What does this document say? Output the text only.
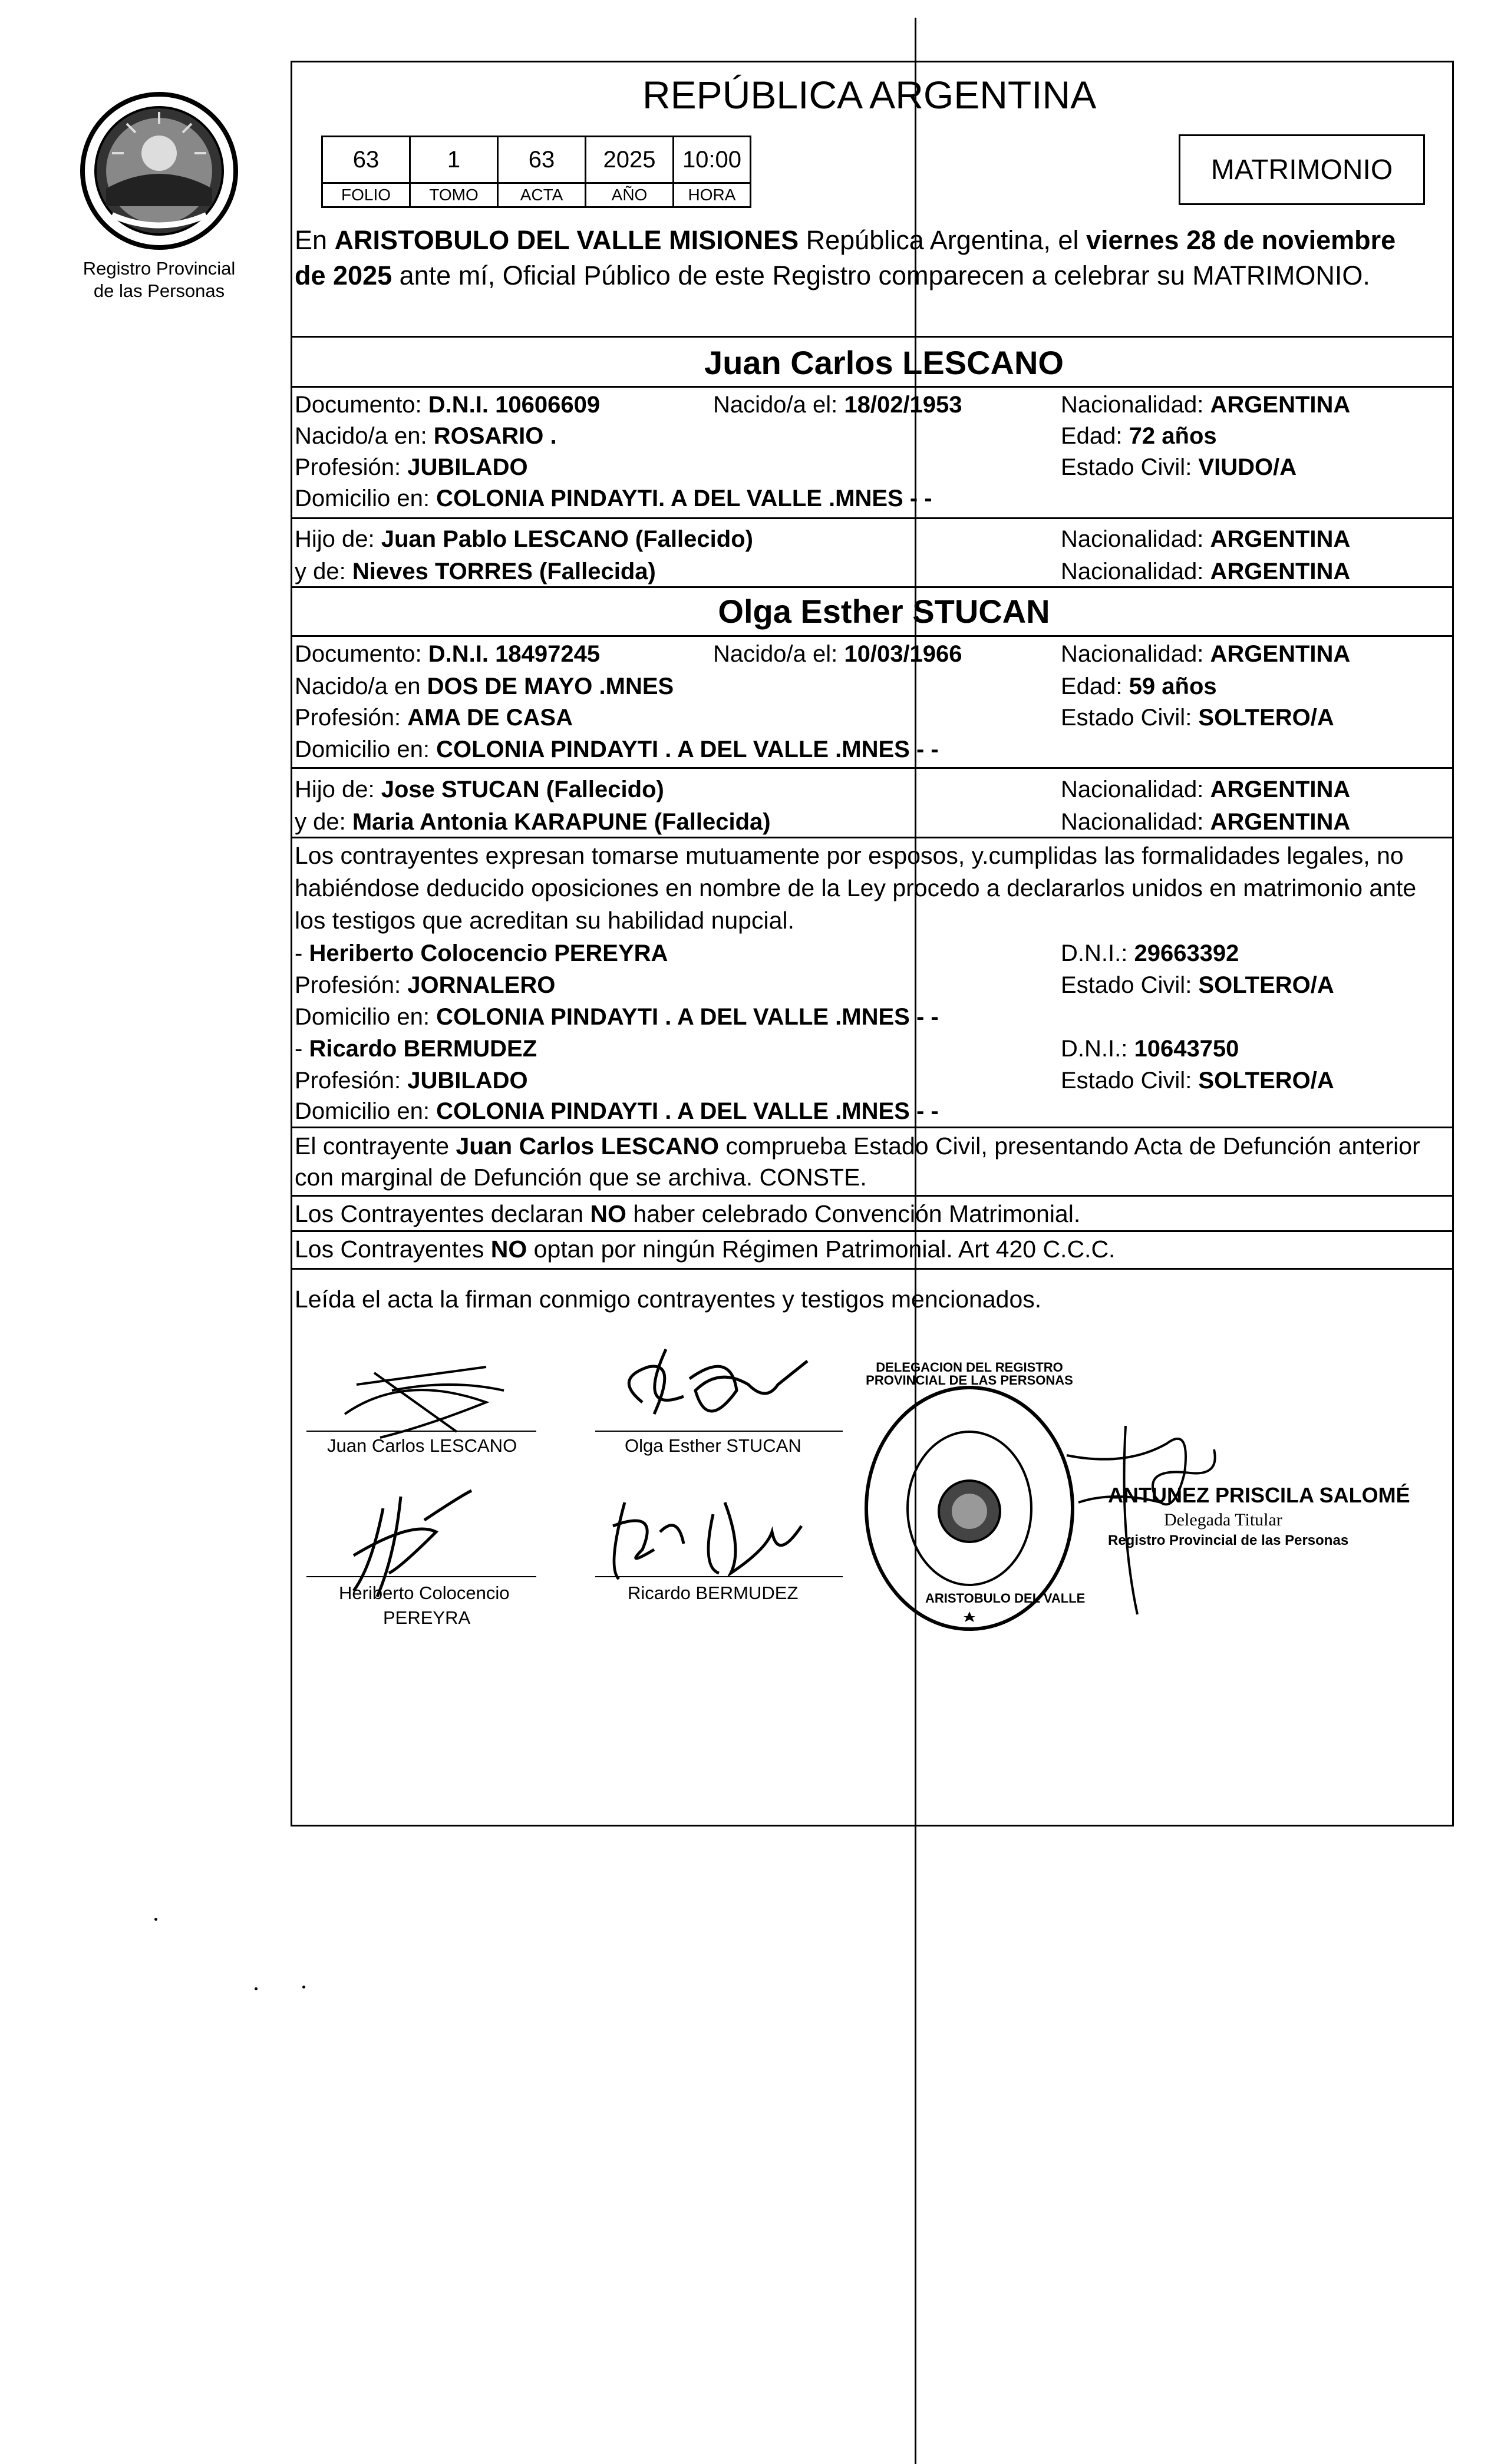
Registro Provincial
de las Personas
REPÚBLICA ARGENTINA
63	1	63	2025	10:00
FOLIO	TOMO	ACTA	AÑO	HORA
MATRIMONIO
En ARISTOBULO DEL VALLE MISIONES República Argentina, el viernes 28 de noviembre
de 2025 ante mí, Oficial Público de este Registro comparecen a celebrar su MATRIMONIO.
Juan Carlos LESCANO
Documento: D.N.I. 10606609	Nacido/a el: 18/02/1953	Nacionalidad: ARGENTINA
Nacido/a en: ROSARIO .	Edad: 72 años
Profesión: JUBILADO	Estado Civil: VIUDO/A
Domicilio en: COLONIA PINDAYTI. A DEL VALLE .MNES - -
Hijo de: Juan Pablo LESCANO (Fallecido)	Nacionalidad: ARGENTINA
y de: Nieves TORRES (Fallecida)	Nacionalidad: ARGENTINA
Olga Esther STUCAN
Documento: D.N.I. 18497245	Nacido/a el: 10/03/1966	Nacionalidad: ARGENTINA
Nacido/a en DOS DE MAYO .MNES	Edad: 59 años
Profesión: AMA DE CASA	Estado Civil: SOLTERO/A
Domicilio en: COLONIA PINDAYTI . A DEL VALLE .MNES - -
Hijo de: Jose STUCAN (Fallecido)	Nacionalidad: ARGENTINA
y de: Maria Antonia KARAPUNE (Fallecida)	Nacionalidad: ARGENTINA
Los contrayentes expresan tomarse mutuamente por esposos, y.cumplidas las formalidades legales, no
habiéndose deducido oposiciones en nombre de la Ley procedo a declararlos unidos en matrimonio ante
los testigos que acreditan su habilidad nupcial.
- Heriberto Colocencio PEREYRA	D.N.I.: 29663392
Profesión: JORNALERO	Estado Civil: SOLTERO/A
Domicilio en: COLONIA PINDAYTI . A DEL VALLE .MNES - -
- Ricardo BERMUDEZ	D.N.I.: 10643750
Profesión: JUBILADO	Estado Civil: SOLTERO/A
Domicilio en: COLONIA PINDAYTI . A DEL VALLE .MNES - -
El contrayente Juan Carlos LESCANO comprueba Estado Civil, presentando Acta de Defunción anterior
con marginal de Defunción que se archiva. CONSTE.
Los Contrayentes declaran NO haber celebrado Convención Matrimonial.
Los Contrayentes NO optan por ningún Régimen Patrimonial. Art 420 C.C.C.
Leída el acta la firman conmigo contrayentes y testigos mencionados.
Juan Carlos LESCANO	Olga Esther STUCAN
Heriberto Colocencio
PEREYRA
Ricardo BERMUDEZ
DELEGACION DEL REGISTRO PROVINCIAL DE LAS PERSONAS
ARISTOBULO DEL VALLE
ANTUNEZ PRISCILA SALOMÉ
Delegada Titular
Registro Provincial de las Personas
